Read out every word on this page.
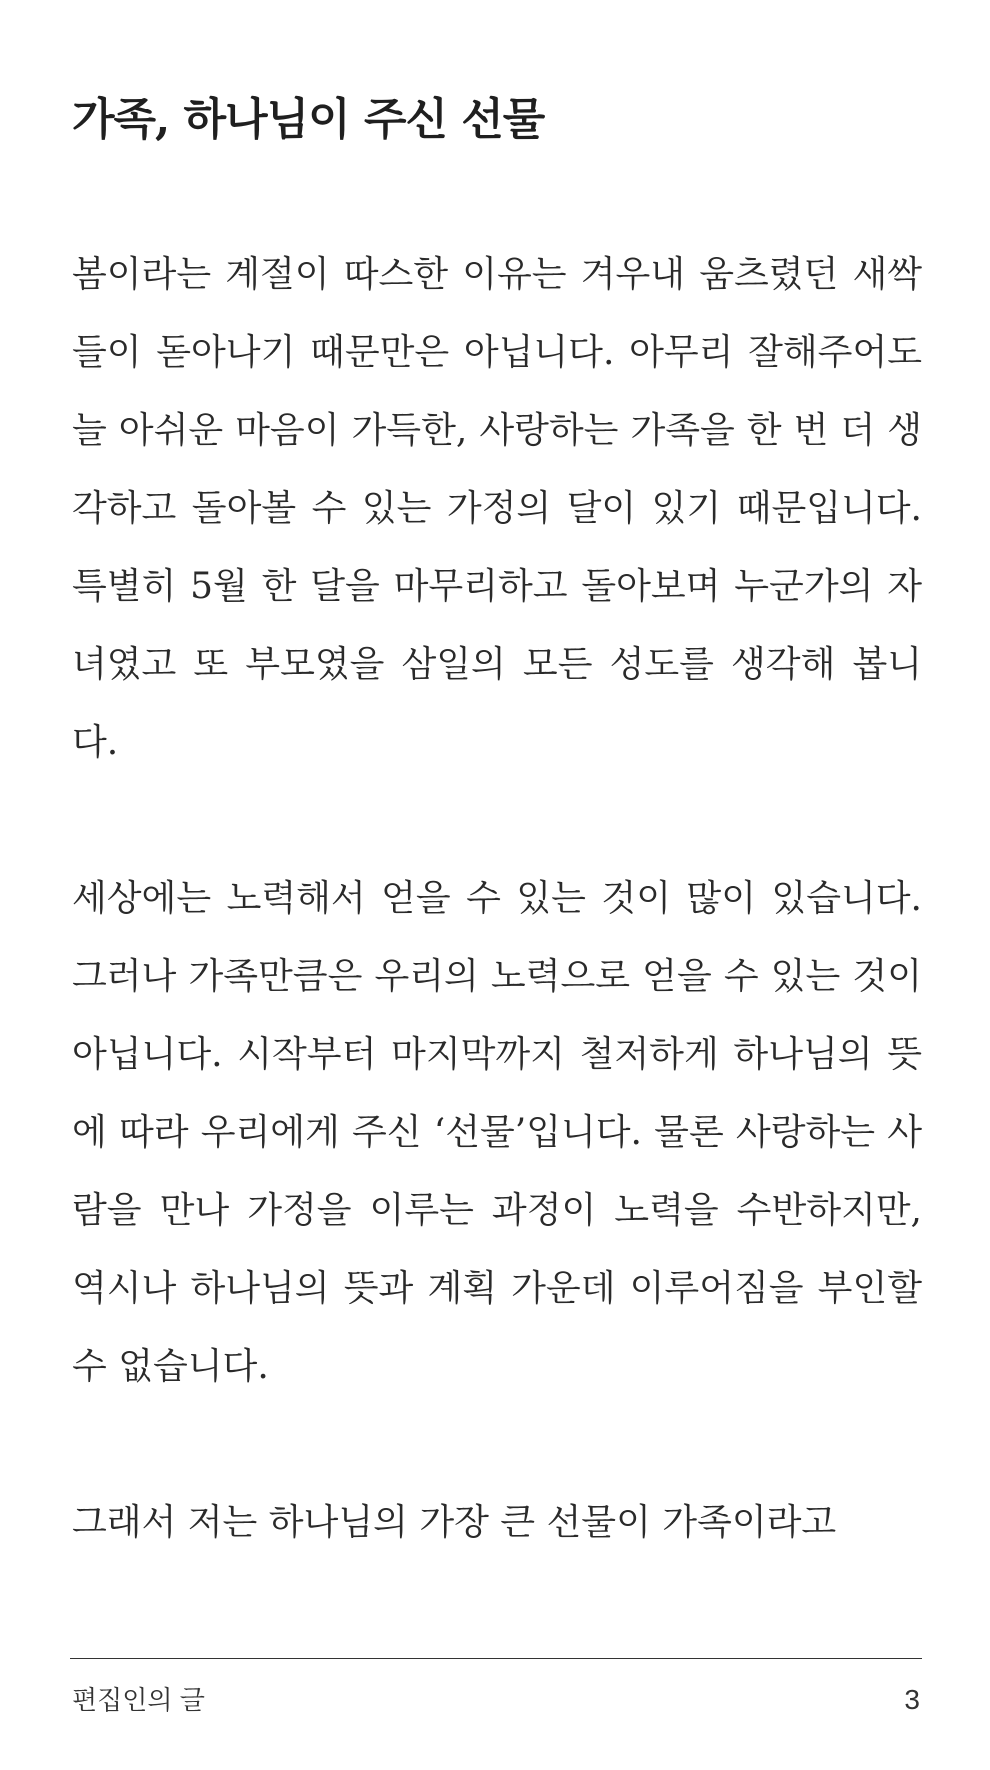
가족, 하나님이 주신 선물

봄이라는 계절이 따스한 이유는 겨우내 움츠렸던 새싹들이 돋아나기 때문만은 아닙니다. 아무리 잘해주어도 늘 아쉬운 마음이 가득한, 사랑하는 가족을 한 번 더 생각하고 돌아볼 수 있는 가정의 달이 있기 때문입니다. 특별히 5월 한 달을 마무리하고 돌아보며 누군가의 자녀였고 또 부모였을 삼일의 모든 성도를 생각해 봅니다.

세상에는 노력해서 얻을 수 있는 것이 많이 있습니다. 그러나 가족만큼은 우리의 노력으로 얻을 수 있는 것이 아닙니다. 시작부터 마지막까지 철저하게 하나님의 뜻에 따라 우리에게 주신 ‘선물’입니다. 물론 사랑하는 사람을 만나 가정을 이루는 과정이 노력을 수반하지만, 역시나 하나님의 뜻과 계획 가운데 이루어짐을 부인할 수 없습니다.

그래서 저는 하나님의 가장 큰 선물이 가족이라고

편집인의 글	3
